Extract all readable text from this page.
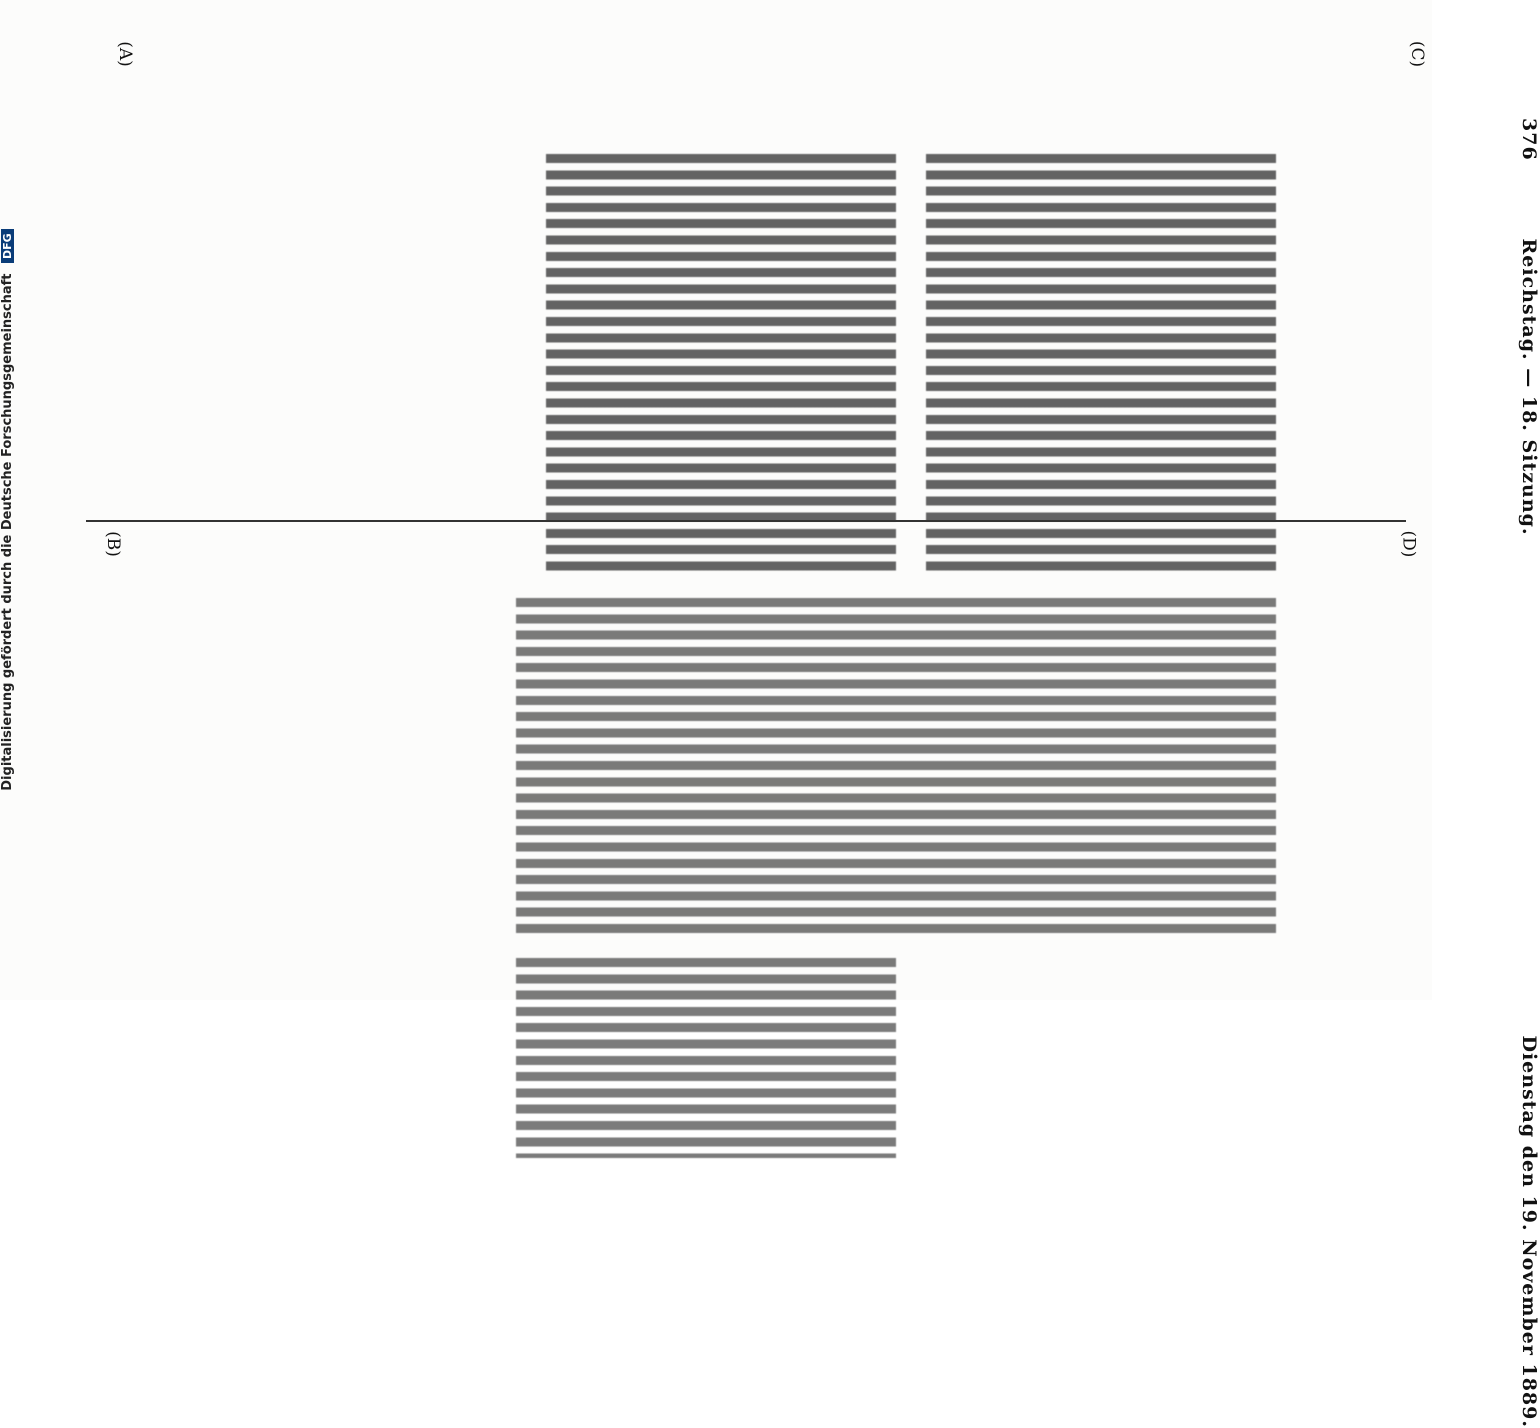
376
Reichstag. — 18. Sitzung.
Dienstag den 19. November 1889.
(A)
(B)
(C)
(D)
Digitalisierung gefördert durch die Deutsche Forschungsgemeinschaft DFG
